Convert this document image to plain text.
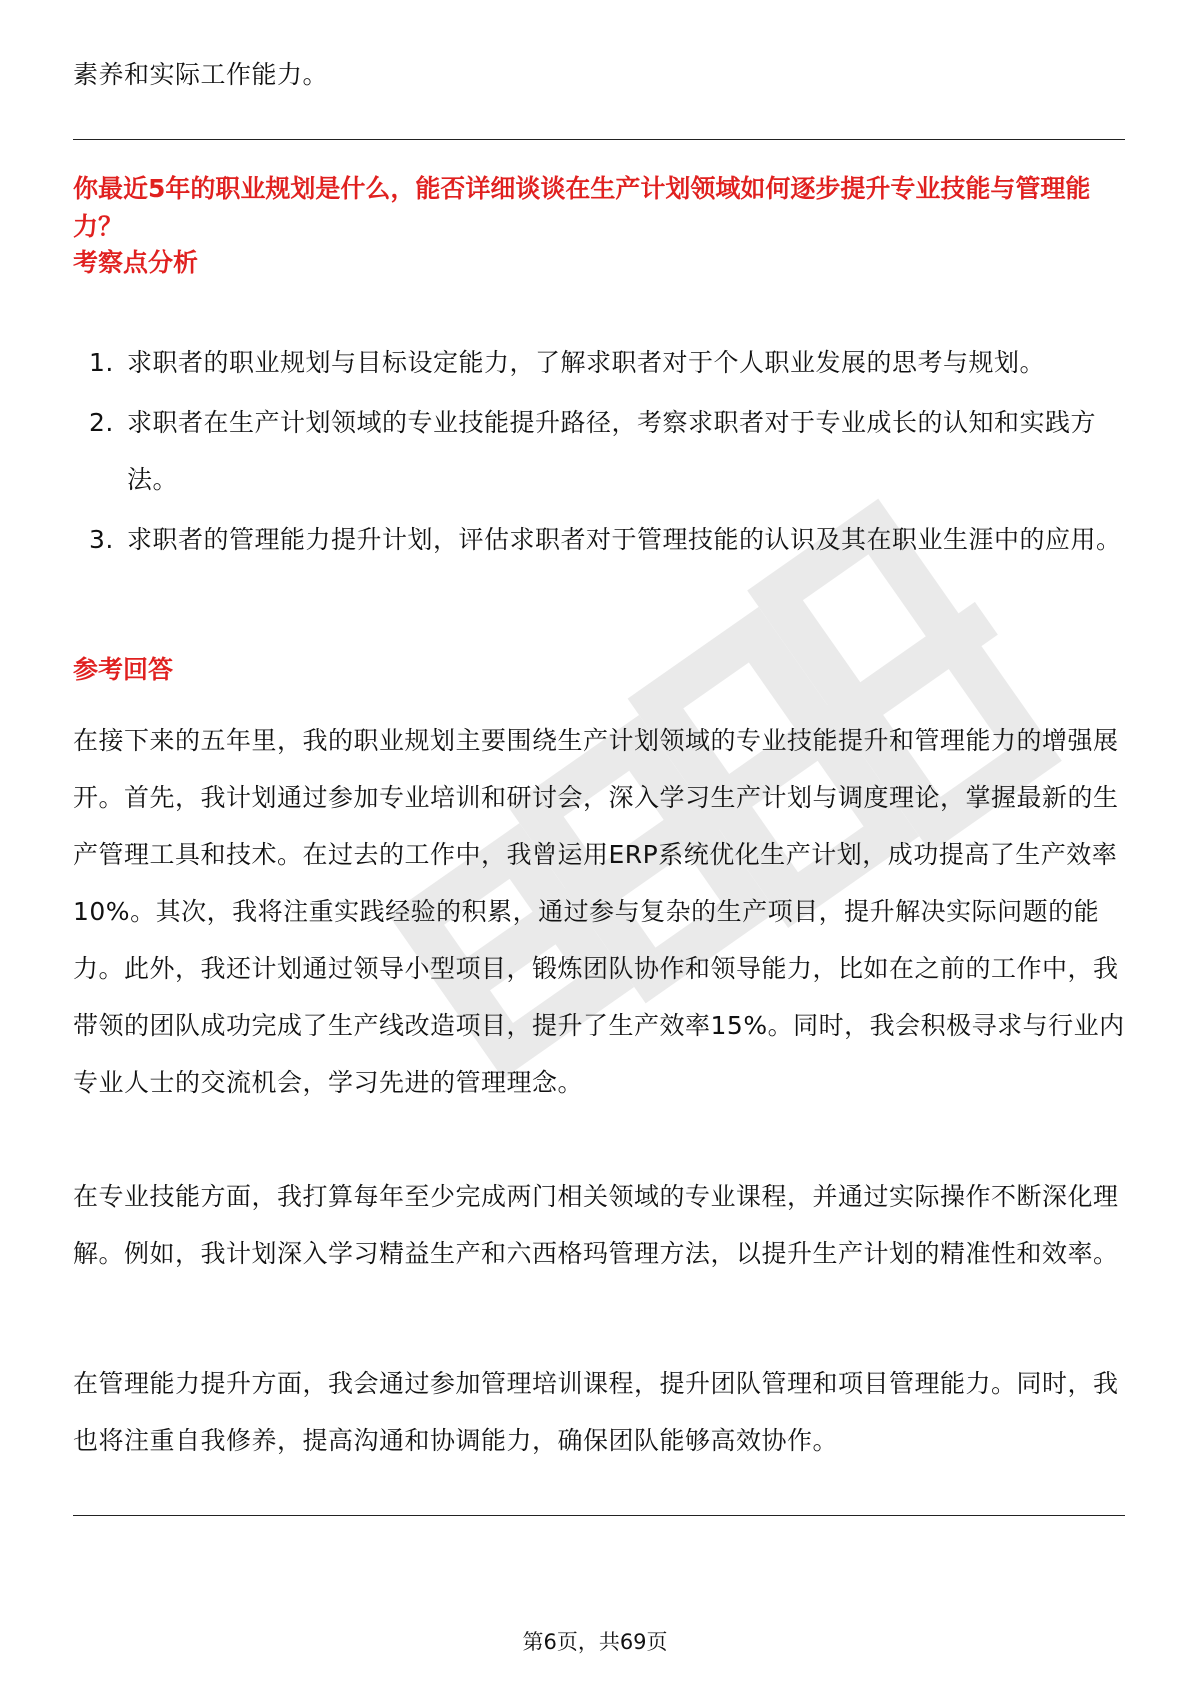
素养和实际工作能力。

你最近5年的职业规划是什么，能否详细谈谈在生产计划领域如何逐步提升专业技能与管理能力？

考察点分析

1. 求职者的职业规划与目标设定能力，了解求职者对于个人职业发展的思考与规划。
2. 求职者在生产计划领域的专业技能提升路径，考察求职者对于专业成长的认知和实践方法。
3. 求职者的管理能力提升计划，评估求职者对于管理技能的认识及其在职业生涯中的应用。

参考回答

在接下来的五年里，我的职业规划主要围绕生产计划领域的专业技能提升和管理能力的增强展开。首先，我计划通过参加专业培训和研讨会，深入学习生产计划与调度理论，掌握最新的生产管理工具和技术。在过去的工作中，我曾运用ERP系统优化生产计划，成功提高了生产效率10%。其次，我将注重实践经验的积累，通过参与复杂的生产项目，提升解决实际问题的能力。此外，我还计划通过领导小型项目，锻炼团队协作和领导能力，比如在之前的工作中，我带领的团队成功完成了生产线改造项目，提升了生产效率15%。同时，我会积极寻求与行业内专业人士的交流机会，学习先进的管理理念。

在专业技能方面，我打算每年至少完成两门相关领域的专业课程，并通过实际操作不断深化理解。例如，我计划深入学习精益生产和六西格玛管理方法，以提升生产计划的精准性和效率。

在管理能力提升方面，我会通过参加管理培训课程，提升团队管理和项目管理能力。同时，我也将注重自我修养，提高沟通和协调能力，确保团队能够高效协作。

第6页，共69页
